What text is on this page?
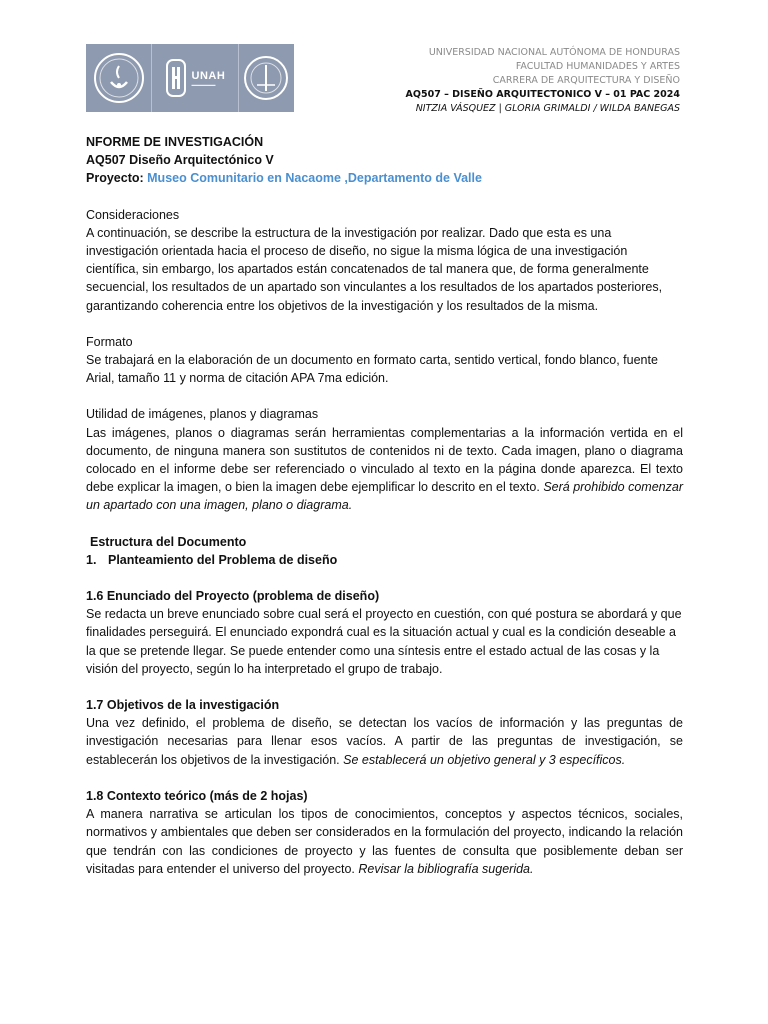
UNAH
▬▬▬▬▬▬
UNIVERSIDAD NACIONAL AUTÓNOMA DE HONDURAS
FACULTAD HUMANIDADES Y ARTES
CARRERA DE ARQUITECTURA Y DISEÑO
AQ507 – DISEÑO ARQUITECTONICO V – 01 PAC 2024
NITZIA VÁSQUEZ | GLORIA GRIMALDI / WILDA BANEGAS

NFORME DE INVESTIGACIÓN

AQ507 Diseño Arquitectónico V

Proyecto: Museo Comunitario en Nacaome ,Departamento de Valle

Consideraciones

A continuación, se describe la estructura de la investigación por realizar. Dado que esta es una investigación orientada hacia el proceso de diseño, no sigue la misma lógica de una investigación científica, sin embargo, los apartados están concatenados de tal manera que, de forma generalmente secuencial, los resultados de un apartado son vinculantes a los resultados de los apartados posteriores, garantizando coherencia entre los objetivos de la investigación y los resultados de la misma.

Formato

Se trabajará en la elaboración de un documento en formato carta, sentido vertical, fondo blanco, fuente Arial, tamaño 11 y norma de citación APA 7ma edición.

Utilidad de imágenes, planos y diagramas

Las imágenes, planos o diagramas serán herramientas complementarias a la información vertida en el documento, de ninguna manera son sustitutos de contenidos ni de texto. Cada imagen, plano o diagrama colocado en el informe debe ser referenciado o vinculado al texto en la página donde aparezca. El texto debe explicar la imagen, o bien la imagen debe ejemplificar lo descrito en el texto. Será prohibido comenzar un apartado con una imagen, plano o diagrama.

Estructura del Documento

1. Planteamiento del Problema de diseño

1.6 Enunciado del Proyecto (problema de diseño)

Se redacta un breve enunciado sobre cual será el proyecto en cuestión, con qué postura se abordará y que finalidades perseguirá. El enunciado expondrá cual es la situación actual y cual es la condición deseable a la que se pretende llegar. Se puede entender como una síntesis entre el estado actual de las cosas y la visión del proyecto, según lo ha interpretado el grupo de trabajo.

1.7 Objetivos de la investigación

Una vez definido, el problema de diseño, se detectan los vacíos de información y las preguntas de investigación necesarias para llenar esos vacíos. A partir de las preguntas de investigación, se establecerán los objetivos de la investigación. Se establecerá un objetivo general y 3 específicos.

1.8 Contexto teórico (más de 2 hojas)

A manera narrativa se articulan los tipos de conocimientos, conceptos y aspectos técnicos, sociales, normativos y ambientales que deben ser considerados en la formulación del proyecto, indicando la relación que tendrán con las condiciones de proyecto y las fuentes de consulta que posiblemente deban ser visitadas para entender el universo del proyecto. Revisar la bibliografía sugerida.
